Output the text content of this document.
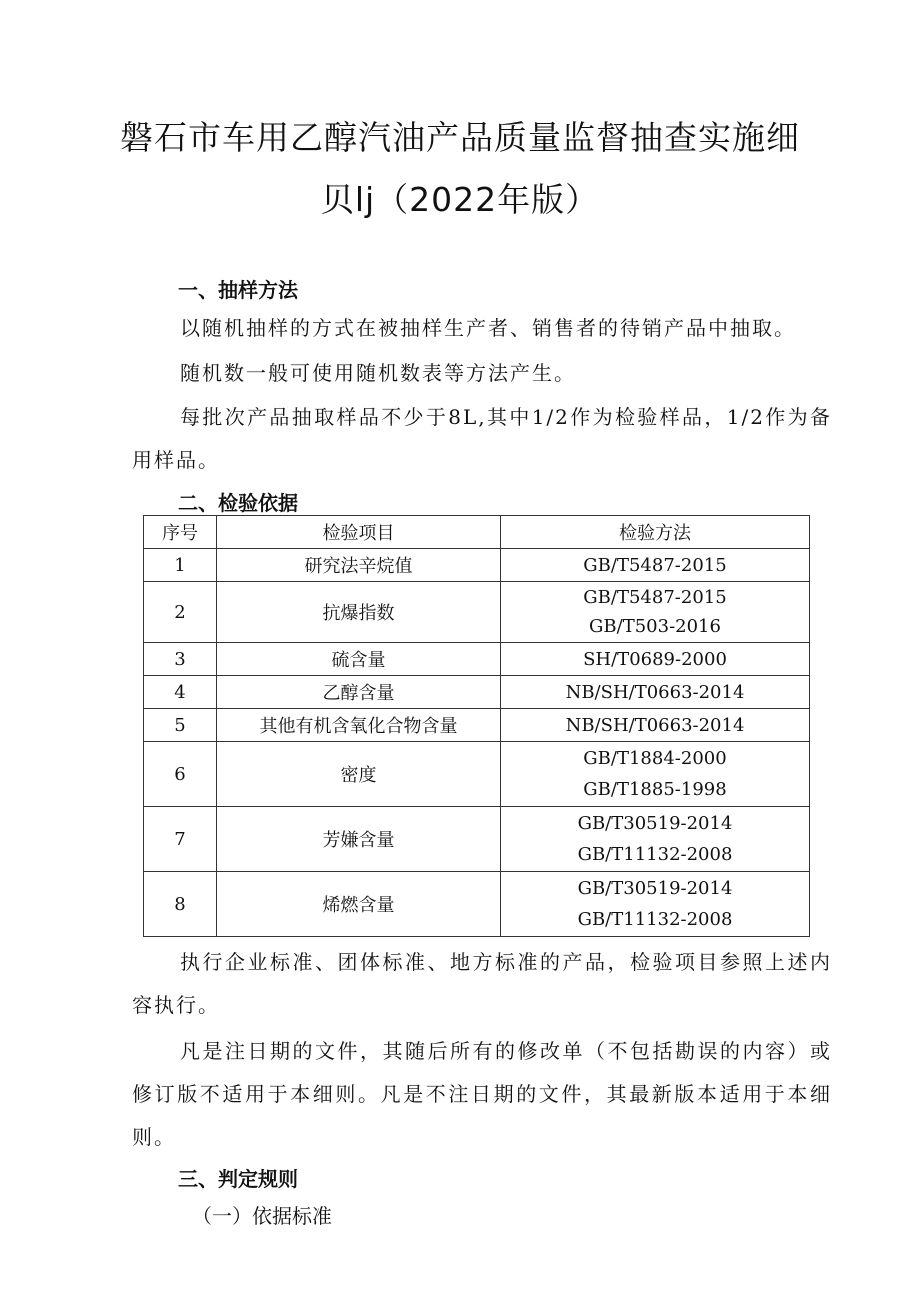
磐石市车用乙醇汽油产品质量监督抽查实施细
贝lj（2022年版）
一、抽样方法

以随机抽样的方式在被抽样生产者、销售者的待销产品中抽取。

随机数一般可使用随机数表等方法产生。

每批次产品抽取样品不少于8L,其中1/2作为检验样品，1/2作为备用样品。

二、检验依据
序号	检验项目	检验方法
1	研究法辛烷值	GB/T5487-2015

2	抗爆指数	GB/T5487-2015
GB/T503-2016

3	硫含量	SH/T0689-2000

4	乙醇含量	NB/SH/T0663-2014

5	其他有机含氧化合物含量	NB/SH/T0663-2014

6	密度	GB/T1884-2000
GB/T1885-1998

7	芳嫌含量	GB/T30519-2014
GB/T11132-2008

8	烯燃含量	GB/T30519-2014
GB/T11132-2008

执行企业标准、团体标准、地方标准的产品，检验项目参照上述内容执行。

凡是注日期的文件，其随后所有的修改单（不包括勘误的内容）或修订版不适用于本细则。凡是不注日期的文件，其最新版本适用于本细则。

三、判定规则

（一）依据标准
